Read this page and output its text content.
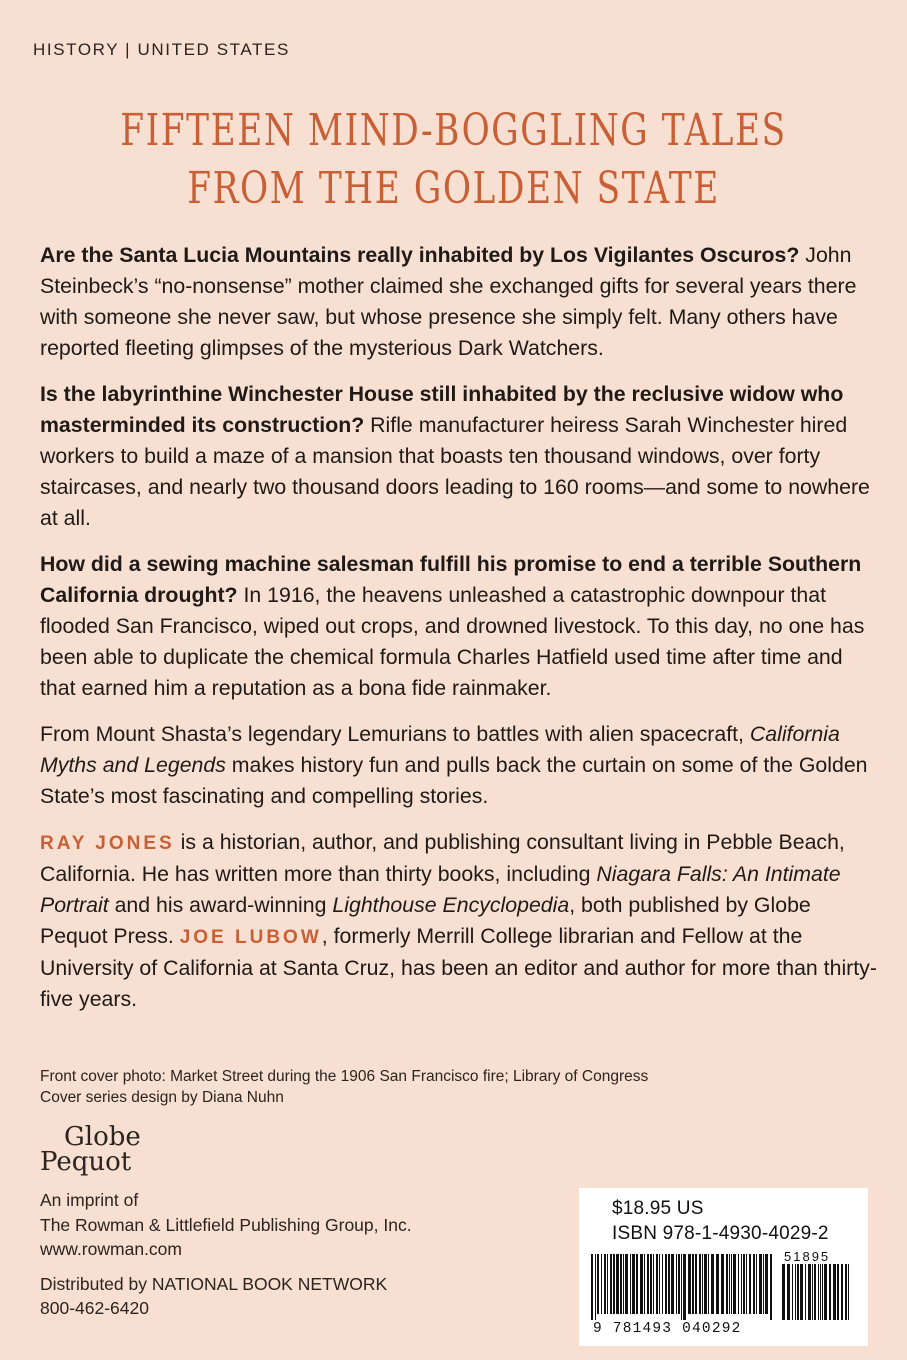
HISTORY | UNITED STATES
FIFTEEN MIND-BOGGLING TALES
FROM THE GOLDEN STATE

Are the Santa Lucia Mountains really inhabited by Los Vigilantes Oscuros? John Steinbeck’s “no-nonsense” mother claimed she exchanged gifts for several years there with someone she never saw, but whose presence she simply felt. Many others have reported fleeting glimpses of the mysterious Dark Watchers.

Is the labyrinthine Winchester House still inhabited by the reclusive widow who masterminded its construction? Rifle manufacturer heiress Sarah Winchester hired workers to build a maze of a mansion that boasts ten thousand windows, over forty staircases, and nearly two thousand doors leading to 160 rooms—and some to nowhere at all.

How did a sewing machine salesman fulfill his promise to end a terrible Southern California drought? In 1916, the heavens unleashed a catastrophic downpour that flooded San Francisco, wiped out crops, and drowned livestock. To this day, no one has been able to duplicate the chemical formula Charles Hatfield used time after time and that earned him a reputation as a bona fide rainmaker.

From Mount Shasta’s legendary Lemurians to battles with alien spacecraft, California Myths and Legends makes history fun and pulls back the curtain on some of the Golden State’s most fascinating and compelling stories.

RAY JONES is a historian, author, and publishing consultant living in Pebble Beach, California. He has written more than thirty books, including Niagara Falls: An Intimate Portrait and his award-winning Lighthouse Encyclopedia, both published by Globe Pequot Press. JOE LUBOW, formerly Merrill College librarian and Fellow at the University of California at Santa Cruz, has been an editor and author for more than thirty-five years.

Front cover photo: Market Street during the 1906 San Francisco fire; Library of Congress
Cover series design by Diana Nuhn
Globe
Pequot
An imprint of
The Rowman & Littlefield Publishing Group, Inc.
www.rowman.com
Distributed by NATIONAL BOOK NETWORK
800-462-6420
$18.95 US
ISBN 978-1-4930-4029-2
51895
9 781493 040292
